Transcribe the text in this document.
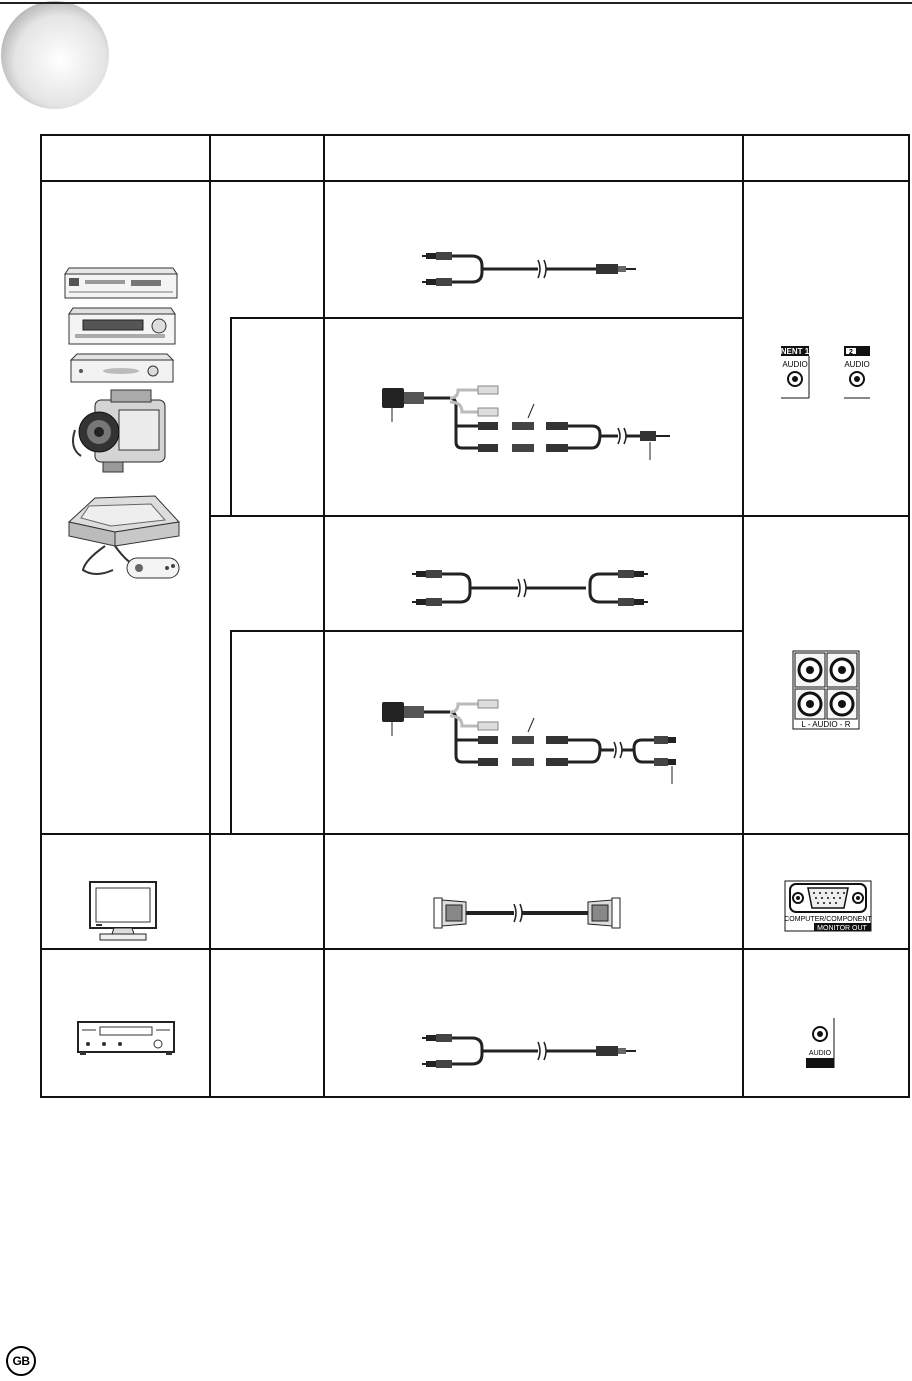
NENT 1
AUDIO
2
AUDIO
L - AUDIO - R
COMPUTER/COMPONENT
MONITOR OUT
AUDIO
GB
